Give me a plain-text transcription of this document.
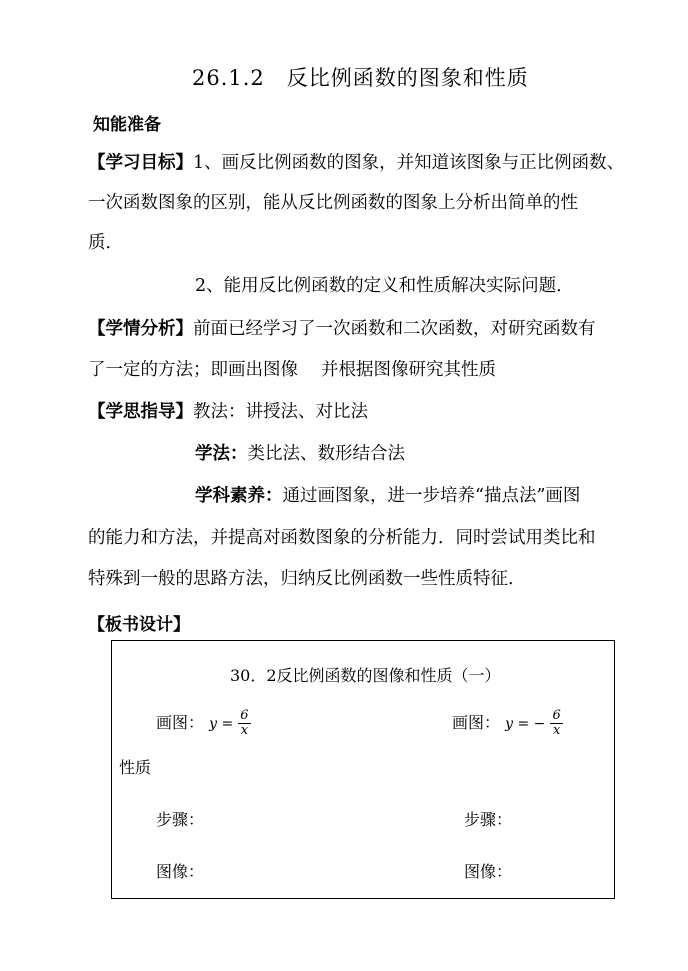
26.1.2　反比例函数的图象和性质
知能准备
【学习目标】1、画反比例函数的图象，并知道该图象与正比例函数、
一次函数图象的区别，能从反比例函数的图象上分析出简单的性
质．
2、能用反比例函数的定义和性质解决实际问题．
【学情分析】前面已经学习了一次函数和二次函数，对研究函数有
了一定的方法；即画出图像　 并根据图像研究其性质
【学思指导】教法：讲授法、对比法
学法：类比法、数形结合法
学科素养：通过画图象，进一步培养“描点法”画图
的能力和方法，并提高对函数图象的分析能力．同时尝试用类比和
特殊到一般的思路方法，归纳反比例函数一些性质特征．
【板书设计】
30．2反比例函数的图像和性质（一）
画图： $y = \frac{6}{x}$	画图： y = − $\frac{6}{x}$
性质
步骤：	步骤：
图像：	图像：
